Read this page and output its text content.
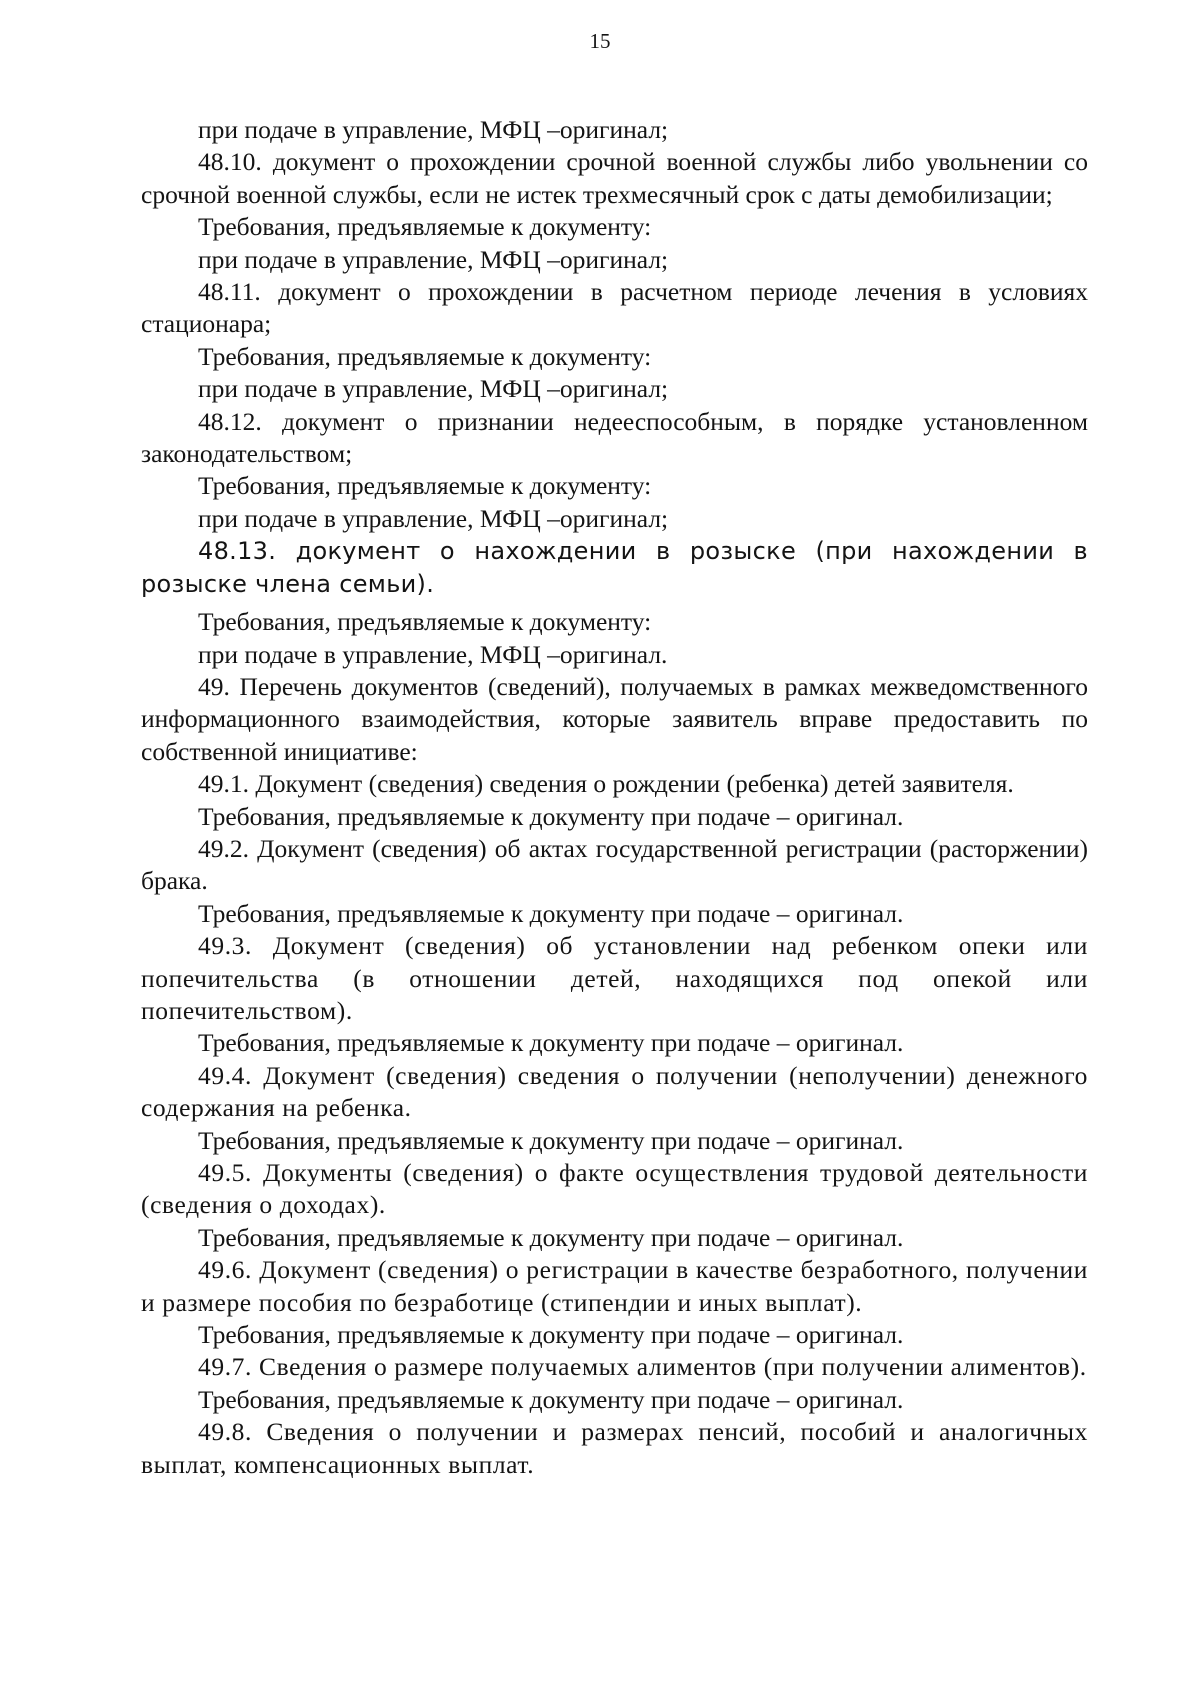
15

при подаче в управление, МФЦ –оригинал;

48.10. документ о прохождении срочной военной службы либо увольнении со срочной военной службы, если не истек трехмесячный срок с даты демобилизации;

Требования, предъявляемые к документу:

при подаче в управление, МФЦ –оригинал;

48.11. документ о прохождении в расчетном периоде лечения в условиях стационара;

Требования, предъявляемые к документу:

при подаче в управление, МФЦ –оригинал;

48.12. документ о признании недееспособным, в порядке установленном законодательством;

Требования, предъявляемые к документу:

при подаче в управление, МФЦ –оригинал;

48.13. документ о нахождении в розыске (при нахождении в розыске члена семьи).

Требования, предъявляемые к документу:

при подаче в управление, МФЦ –оригинал.

49. Перечень документов (сведений), получаемых в рамках межведомственного информационного взаимодействия, которые заявитель вправе предоставить по собственной инициативе:

49.1. Документ (сведения) сведения о рождении (ребенка) детей заявителя.

Требования, предъявляемые к документу при подаче – оригинал.

49.2. Документ (сведения) об актах государственной регистрации (расторжении) брака.

Требования, предъявляемые к документу при подаче – оригинал.

49.3. Документ (сведения) об установлении над ребенком опеки или попечительства (в отношении детей, находящихся под опекой или попечительством).

Требования, предъявляемые к документу при подаче – оригинал.

49.4. Документ (сведения) сведения о получении (неполучении) денежного содержания на ребенка.

Требования, предъявляемые к документу при подаче – оригинал.

49.5. Документы (сведения) о факте осуществления трудовой деятельности (сведения о доходах).

Требования, предъявляемые к документу при подаче – оригинал.

49.6. Документ (сведения) о регистрации в качестве безработного, получении и размере пособия по безработице (стипендии и иных выплат).

Требования, предъявляемые к документу при подаче – оригинал.

49.7. Сведения о размере получаемых алиментов (при получении алиментов).

Требования, предъявляемые к документу при подаче – оригинал.

49.8. Сведения о получении и размерах пенсий, пособий и аналогичных выплат, компенсационных выплат.
